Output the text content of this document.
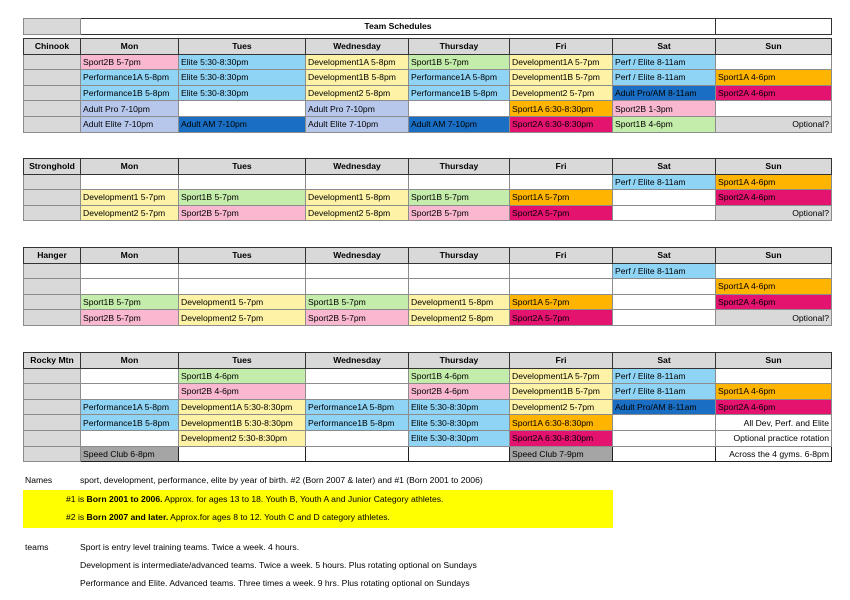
	Team Schedules	
Chinook	Mon	Tues	Wednesday	Thursday	Fri	Sat	Sun
	Sport2B 5-7pm	Elite 5:30-8:30pm	Development1A 5-8pm	Sport1B 5-7pm	Development1A 5-7pm	Perf / Elite 8-11am	
	Performance1A 5-8pm	Elite 5:30-8:30pm	Development1B 5-8pm	Performance1A 5-8pm	Development1B 5-7pm	Perf / Elite 8-11am	Sport1A 4-6pm
	Performance1B 5-8pm	Elite 5:30-8:30pm	Development2 5-8pm	Performance1B 5-8pm	Development2 5-7pm	Adult Pro/AM 8-11am	Sport2A 4-6pm
	Adult Pro 7-10pm		Adult Pro 7-10pm		Sport1A 6:30-8:30pm	Sport2B 1-3pm	
	Adult Elite 7-10pm	Adult AM 7-10pm	Adult Elite 7-10pm	Adult AM 7-10pm	Sport2A 6:30-8:30pm	Sport1B 4-6pm	Optional?
Stronghold	Mon	Tues	Wednesday	Thursday	Fri	Sat	Sun
						Perf / Elite 8-11am	Sport1A 4-6pm
	Development1 5-7pm	Sport1B 5-7pm	Development1 5-8pm	Sport1B 5-7pm	Sport1A 5-7pm		Sport2A 4-6pm
	Development2 5-7pm	Sport2B 5-7pm	Development2 5-8pm	Sport2B 5-7pm	Sport2A 5-7pm		Optional?
Hanger	Mon	Tues	Wednesday	Thursday	Fri	Sat	Sun
						Perf / Elite 8-11am	
							Sport1A 4-6pm
	Sport1B 5-7pm	Development1 5-7pm	Sport1B 5-7pm	Development1 5-8pm	Sport1A 5-7pm		Sport2A 4-6pm
	Sport2B 5-7pm	Development2 5-7pm	Sport2B 5-7pm	Development2 5-8pm	Sport2A 5-7pm		Optional?
Rocky Mtn	Mon	Tues	Wednesday	Thursday	Fri	Sat	Sun
		Sport1B 4-6pm		Sport1B 4-6pm	Development1A 5-7pm	Perf / Elite 8-11am	
		Sport2B 4-6pm		Sport2B 4-6pm	Development1B 5-7pm	Perf / Elite 8-11am	Sport1A 4-6pm
	Performance1A 5-8pm	Development1A 5:30-8:30pm	Performance1A 5-8pm	Elite 5:30-8:30pm	Development2 5-7pm	Adult Pro/AM 8-11am	Sport2A 4-6pm
	Performance1B 5-8pm	Development1B 5:30-8:30pm	Performance1B 5-8pm	Elite 5:30-8:30pm	Sport1A 6:30-8:30pm		All Dev, Perf. and Elite
		Development2 5:30-8:30pm		Elite 5:30-8:30pm	Sport2A 6:30-8:30pm		Optional practice rotation
	Speed Club 6-8pm				Speed Club 7-9pm		Across the 4 gyms. 6-8pm
Names	sport, development, performance, elite by year of birth. #2 (Born 2007 & later) and #1 (Born 2001 to 2006)
#1 is Born 2001 to 2006. Approx. for ages 13 to 18. Youth B, Youth A and Junior Category athletes.
#2 is Born 2007 and later. Approx.for ages 8 to 12. Youth C and D category athletes.
teams	Sport is entry level training teams. Twice a week. 4 hours.
Development is intermediate/advanced teams. Twice a week. 5 hours. Plus rotating optional on Sundays
Performance and Elite. Advanced teams. Three times a week. 9 hrs. Plus rotating optional on Sundays
